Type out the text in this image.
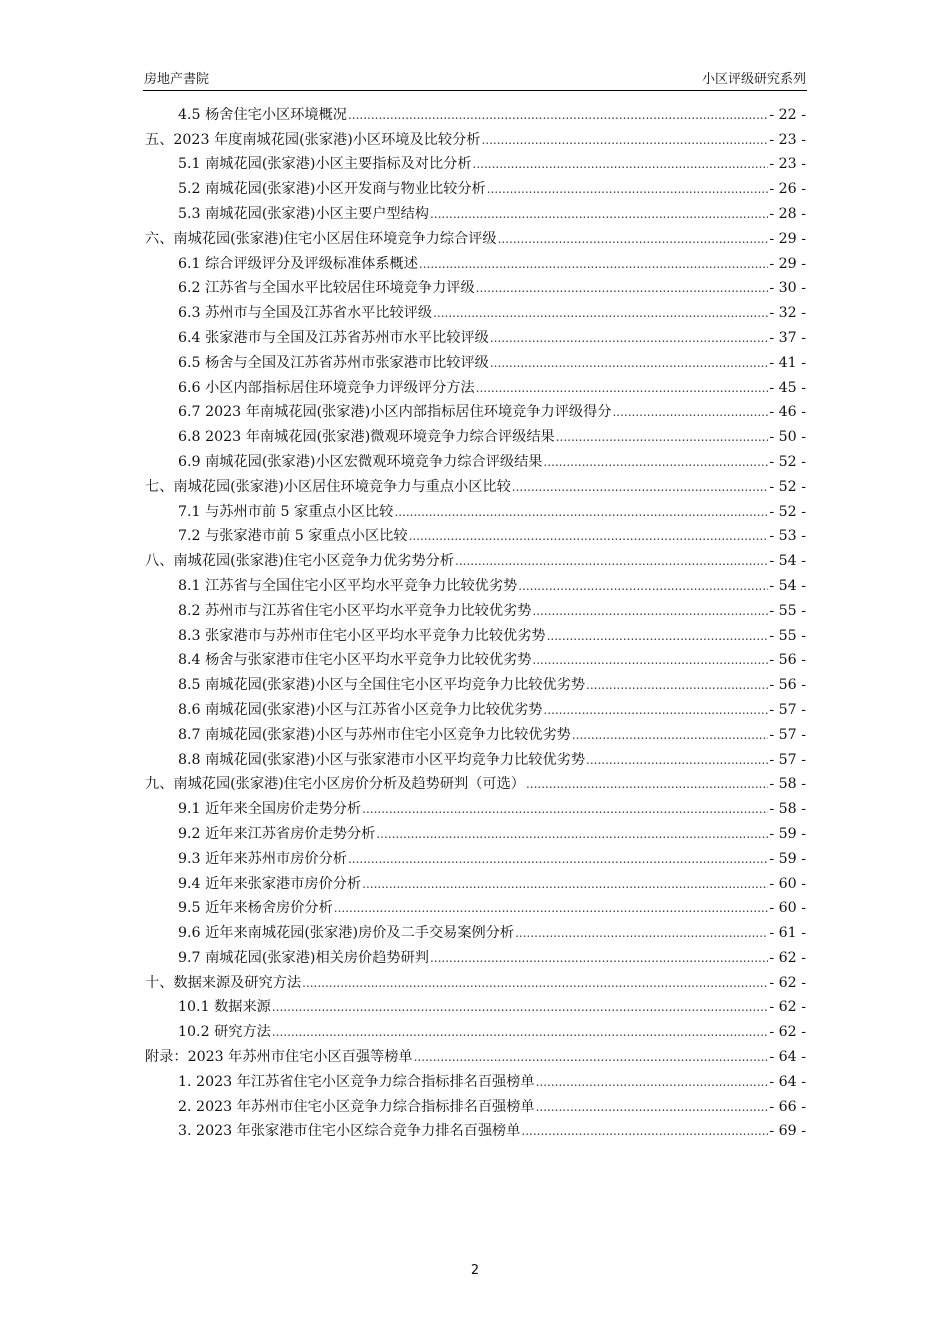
房地产書院	小区评级研究系列
4.5 杨舍住宅小区环境概况 .....	- 22 -
五、2023 年度南城花园(张家港)小区环境及比较分析 .....	- 23 -
5.1 南城花园(张家港)小区主要指标及对比分析 .....	- 23 -
5.2 南城花园(张家港)小区开发商与物业比较分析 .....	- 26 -
5.3 南城花园(张家港)小区主要户型结构 .....	- 28 -
六、南城花园(张家港)住宅小区居住环境竞争力综合评级 .....	- 29 -
6.1 综合评级评分及评级标准体系概述 .....	- 29 -
6.2 江苏省与全国水平比较居住环境竞争力评级 .....	- 30 -
6.3 苏州市与全国及江苏省水平比较评级 .....	- 32 -
6.4 张家港市与全国及江苏省苏州市水平比较评级 .....	- 37 -
6.5 杨舍与全国及江苏省苏州市张家港市比较评级 .....	- 41 -
6.6 小区内部指标居住环境竞争力评级评分方法 .....	- 45 -
6.7 2023 年南城花园(张家港)小区内部指标居住环境竞争力评级得分 .....	- 46 -
6.8 2023 年南城花园(张家港)微观环境竞争力综合评级结果 .....	- 50 -
6.9 南城花园(张家港)小区宏微观环境竞争力综合评级结果 .....	- 52 -
七、南城花园(张家港)小区居住环境竞争力与重点小区比较 .....	- 52 -
7.1 与苏州市前 5 家重点小区比较 .....	- 52 -
7.2 与张家港市前 5 家重点小区比较 .....	- 53 -
八、南城花园(张家港)住宅小区竞争力优劣势分析 .....	- 54 -
8.1 江苏省与全国住宅小区平均水平竞争力比较优劣势 .....	- 54 -
8.2 苏州市与江苏省住宅小区平均水平竞争力比较优劣势 .....	- 55 -
8.3 张家港市与苏州市住宅小区平均水平竞争力比较优劣势 .....	- 55 -
8.4 杨舍与张家港市住宅小区平均水平竞争力比较优劣势 .....	- 56 -
8.5 南城花园(张家港)小区与全国住宅小区平均竞争力比较优劣势 .....	- 56 -
8.6 南城花园(张家港)小区与江苏省小区竞争力比较优劣势 .....	- 57 -
8.7 南城花园(张家港)小区与苏州市住宅小区竞争力比较优劣势 .....	- 57 -
8.8 南城花园(张家港)小区与张家港市小区平均竞争力比较优劣势 .....	- 57 -
九、南城花园(张家港)住宅小区房价分析及趋势研判（可选） .....	- 58 -
9.1 近年来全国房价走势分析 .....	- 58 -
9.2 近年来江苏省房价走势分析 .....	- 59 -
9.3 近年来苏州市房价分析 .....	- 59 -
9.4 近年来张家港市房价分析 .....	- 60 -
9.5 近年来杨舍房价分析 .....	- 60 -
9.6 近年来南城花园(张家港)房价及二手交易案例分析 .....	- 61 -
9.7 南城花园(张家港)相关房价趋势研判 .....	- 62 -
十、数据来源及研究方法 .....	- 62 -
10.1 数据来源 .....	- 62 -
10.2 研究方法 .....	- 62 -
附录：2023 年苏州市住宅小区百强等榜单 .....	- 64 -
1. 2023 年江苏省住宅小区竞争力综合指标排名百强榜单 .....	- 64 -
2. 2023 年苏州市住宅小区竞争力综合指标排名百强榜单 .....	- 66 -
3. 2023 年张家港市住宅小区综合竞争力排名百强榜单 .....	- 69 -
2
